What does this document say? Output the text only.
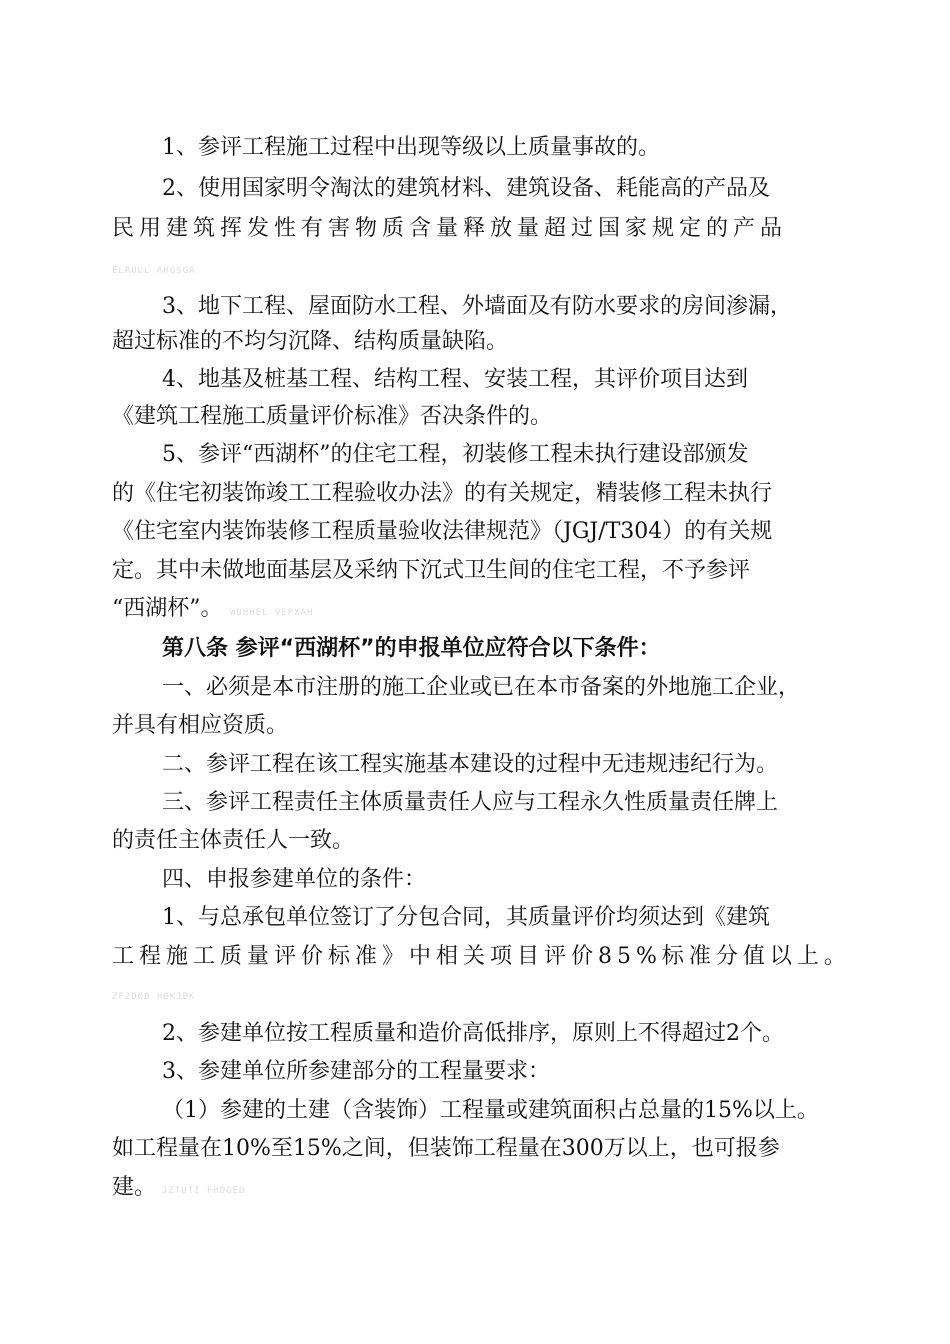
1、参评工程施工过程中出现等级以上质量事故的。
2、使用国家明令淘汰的建筑材料、建筑设备、耗能高的产品及
民用建筑挥发性有害物质含量释放量超过国家规定的产品
ELRUUL AHGSGA
3、地下工程、屋面防水工程、外墙面及有防水要求的房间渗漏，
超过标准的不均匀沉降、结构质量缺陷。
4、地基及桩基工程、结构工程、安装工程，其评价项目达到
《建筑工程施工质量评价标准》否决条件的。
5、参评“西湖杯”的住宅工程，初装修工程未执行建设部颁发
的《住宅初装饰竣工工程验收办法》的有关规定，精装修工程未执行
《住宅室内装饰装修工程质量验收法律规范》（JGJ/T304）的有关规
定。其中未做地面基层及采纳下沉式卫生间的住宅工程，不予参评
“西湖杯”。 WUHHEL VEPXAH
第八条 参评“西湖杯”的申报单位应符合以下条件：
一、必须是本市注册的施工企业或已在本市备案的外地施工企业，
并具有相应资质。
二、参评工程在该工程实施基本建设的过程中无违规违纪行为。
三、参评工程责任主体质量责任人应与工程永久性质量责任牌上
的责任主体责任人一致。
四、申报参建单位的条件：
1、与总承包单位签订了分包合同，其质量评价均须达到《建筑
工程施工质量评价标准》中相关项目评价85%标准分值以上。
ZF2D0B HBKJBK
2、参建单位按工程质量和造价高低排序，原则上不得超过2个。
3、参建单位所参建部分的工程量要求：
（1）参建的土建（含装饰）工程量或建筑面积占总量的15%以上。
如工程量在10%至15%之间，但装饰工程量在300万以上，也可报参
建。 JZTUTI FHDGED
